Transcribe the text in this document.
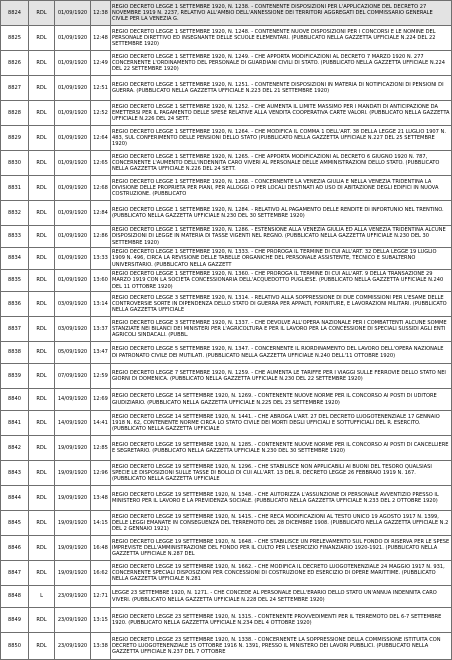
8824	RDL	01/09/1920	12:38	REGIO DECRETO LEGGE 1 SETTEMBRE 1920, N. 1238. - CONTENENTE DISPOSIZIONI PER L'APPLICAZIONE DEL DECRETO 27 NOVEMBRE 1919 N. 2237, RELATIVO ALL'AMBIO DELL'ANNESSIONE DEI TERRITORI AGGREGATI DEL COMMISSARIO GENERALE CIVILE PER LA VENEZIA G.

8825	RDL	01/09/1920	12:48	REGIO DECRETO LEGGE 1 SETTEMBRE 1920, N. 1248. - CONTENENTE NUOVE DISPOSIZIONI PER I CONCORSI E LE NOMINE DEL PERSONALE DIRETTIVO ED INSEGNANTE DELLE SCUOLE ELEMENTARI. (PUBBLICATO NELLA GAZZETTA UFFICIALE N.224 DEL 22 SETTEMBRE 1920)

8826	RDL	01/09/1920	12:49	REGIO DECRETO LEGGE 1 SETTEMBRE 1920, N. 1249. - CHE APPORTA MODIFICAZIONI AL DECRETO 7 MARZO 1920 N. 277 CONCERNENTE L'ORDINAMENTO DEL PERSONALE DI GUARDIANI CIVILI DI STATO. (PUBBLICATO NELLA GAZZETTA UFFICIALE N.224 DEL 22 SETTEMBRE 1920)

8827	RDL	01/09/1920	12:51	REGIO DECRETO LEGGE 1 SETTEMBRE 1920, N. 1251. - CONTENENTE DISPOSIZIONI IN MATERIA DI NOTIFICAZIONI DI PENSIONI DI GUERRA. (PUBBLICATO NELLA GAZZETTA UFFICIALE N.223 DEL 21 SETTEMBRE 1920)

8828	RDL	01/09/1920	12:52	REGIO DECRETO LEGGE 1 SETTEMBRE 1920, N. 1252. - CHE AUMENTA IL LIMITE MASSIMO PER I MANDATI DI ANTICIPAZIONE DA EMETTERSI PER IL PAGAMENTO DELLE SPESE RELATIVE ALLA VENDITA COOPERATIVA CARTE VALORI. (PUBBLICATO NELLA GAZZETTA UFFICIALE N.226 DEL 24 SETT.

8829	RDL	01/09/1920	12:64	REGIO DECRETO LEGGE 1 SETTEMBRE 1920, N. 1264. - CHE MODIFICA IL COMMA 1 DELL'ART. 38 DELLA LEGGE 21 LUGLIO 1907 N. 483, SUL CONFERIMENTO DELLE PENSIONI DELLO STATO (PUBBLICATO NELLA GAZZETTA UFFICIALE N.227 DEL 25 SETTEMBRE 1920)

8830	RDL	01/09/1920	12:65	REGIO DECRETO LEGGE 1 SETTEMBRE 1920, N. 1265. - CHE APPORTA MODIFICAZIONI AL DECRETO 6 GIUGNO 1920 N. 787, CONCERNENTE L'AUMENTO DELL'INDENNITA CARO VIVERI AL PERSONALE DELLE AMMINISTRAZIONI DELLO STATO. (PUBBLICATO NELLA GAZZETTA UFFICIALE N.226 DEL 24 SETT.

8831	RDL	01/09/1920	12:68	REGIO DECRETO LEGGE 1 SETTEMBRE 1920, N. 1268. - CONCERNENTE LA VENEZIA GIULIA E NELLA VENEZIA TRIDENTINA LA DIVISIONE DELLE PROPRIETA PER PIANI, PER ALLOGGI O PER LOCALI DESTINATI AD USO DI ABITAZIONE DEGLI EDIFICI IN NUOVA COSTRUZIONE. (PUBBLICATO

8832	RDL	01/09/1920	12:84	REGIO DECRETO LEGGE 1 SETTEMBRE 1920, N. 1284. - RELATIVO AL PAGAMENTO DELLE RENDITE DI INFORTUNIO NEL TRENTINO. (PUBBLICATO NELLA GAZZETTA UFFICIALE N.230 DEL 30 SETTEMBRE 1920)

8833	RDL	01/09/1920	12:86	REGIO DECRETO LEGGE 1 SETTEMBRE 1920, N. 1286. - ESTENSIONE ALLA VENEZIA GIULIA ED ALLA VENEZIA TRIDENTINA ALCUNE DISPOSIZIONI DI LEGGE IN MATERIA DI TASSE VIGENTI NEL REGNO. (PUBBLICATO NELLA GAZZETTA UFFICIALE N.230 DEL 30 SETTEMBRE 1920)

8834	RDL	01/09/1920	13:33	REGIO DECRETO LEGGE 1 SETTEMBRE 1920, N. 1333. - CHE PROROGA IL TERMINE DI CUI ALL'ART. 32 DELLA LEGGE 19 LUGLIO 1909 N. 496, CIRCA LA REVISIONE DELLE TABELLE ORGANICHE DEL PERSONALE ASSISTENTE, TECNICO E SUBALTERNO UNIVERSITARIO. (PUBBLICATO NELLA GAZZETT

8835	RDL	01/09/1920	13:60	REGIO DECRETO LEGGE 1 SETTEMBRE 1920, N. 1360. - CHE PROROGA IL TERMINE DI CUI ALL'ART. 9 DELLA TRANSAZIONE 29 MARZO 1919 CON LA SOCIETA CONCESSIONARIA DELL'ACQUEDOTTO PUGLIESE. (PUBBLICATO NELLA GAZZETTA UFFICIALE N.240 DEL 11 OTTOBRE 1920)

8836	RDL	03/09/1920	13:14	REGIO DECRETO LEGGE 3 SETTEMBRE 1920, N. 1314. - RELATIVO ALLA SOPPRESSIONE DI DUE COMMISSIONI PER L'ESAME DELLE CONTROVERSIE SORTE IN DIPENDENZA DELLO STATO DI GUERRA PER APPALTI, FORNITURE, E LAVORAZIONI MILITARI. (PUBBLICATO NELLA GAZZETTA UFFICIALE

8837	RDL	03/09/1920	13:37	REGIO DECRETO LEGGE 3 SETTEMBRE 1920, N. 1337. - CHE DEVOLVE ALL'OPERA NAZIONALE PER I COMBATTENTI ALCUNE SOMME STANZIATE NEI BILANCI DEI MINISTERI PER L'AGRICOLTURA E PER IL LAVORO PER LA CONCESSIONE DI SPECIALI SUSSIDI AGLI ENTI AGRICOLI SINDACALI. (PUBBL.

8838	RDL	05/09/1920	13:47	REGIO DECRETO LEGGE 5 SETTEMBRE 1920, N. 1347. - CONCERNENTE IL RIORDINAMENTO DEL LAVORO DELL'OPERA NAZIONALE DI PATRONATO CIVILE DEI MUTILATI. (PUBBLICATO NELLA GAZZETTA UFFICIALE N.240 DELL'11 OTTOBRE 1920)

8839	RDL	07/09/1920	12:59	REGIO DECRETO LEGGE 7 SETTEMBRE 1920, N. 1259. - CHE AUMENTA LE TARIFFE PER I VIAGGI SULLE FERROVIE DELLO STATO NEI GIORNI DI DOMENICA. (PUBBLICATO NELLA GAZZETTA UFFICIALE N.230 DEL 22 SETTEMBRE 1920)

8840	RDL	14/09/1920	12:69	REGIO DECRETO LEGGE 14 SETTEMBRE 1920, N. 1269. - CONTENENTE NUOVE NORME PER IL CONCORSO AI POSTI DI UDITORE GIUDIZIARIO. (PUBBLICATO NELLA GAZZETTA UFFICIALE N.225 DEL 23 SETTEMBRE 1920)

8841	RDL	14/09/1920	14:41	REGIO DECRETO LEGGE 14 SETTEMBRE 1920, N. 1441. - CHE ABROGA L'ART. 27 DEL DECRETO LUOGOTENENZIALE 17 GENNAIO 1918 N. 62, CONTENENTE NORME CIRCA LO STATO CIVILE DEI MORTI DEGLI UFFICIALI E SOTTUFFICIALI DEL R. ESERCITO. (PUBBLICATO NELLA GAZZETTA UFFICIALE

8842	RDL	19/09/1920	12:85	REGIO DECRETO LEGGE 19 SETTEMBRE 1920, N. 1285. - CONTENENTE NUOVE NORME PER IL CONCORSO AI POSTI DI CANCELLIERE E SEGRETARIO. (PUBBLICATO NELLA GAZZETTA UFFICIALE N.230 DEL 30 SETTEMBRE 1920)

8843	RDL	19/09/1920	12:96	REGIO DECRETO LEGGE 19 SETTEMBRE 1920, N. 1296. - CHE STABILISCE NON APPLICABILI AI BUONI DEL TESORO QUALSIASI SPECIE LE DISPOSIZIONI SULLE TASSE DI BOLLO DI CUI ALL'ART. 13 DEL R. DECRETO LEGGE 26 FEBBRAIO 1919 N. 167. (PUBBLICATO NELLA GAZZETTA UFFICIALE

8844	RDL	19/09/1920	13:48	REGIO DECRETO LEGGE 19 SETTEMBRE 1920, N. 1348. - CHE AUTORIZZA L'ASSUNZIONE DI PERSONALE AVVENTIZIO PRESSO IL MINISTERO PER IL LAVORO E LA PREVIDENZA SOCIALE. (PUBBLICATO NELLA GAZZETTA UFFICIALE N.233 DEL 2 OTTOBRE 1920)

8845	RDL	19/09/1920	14:15	REGIO DECRETO LEGGE 19 SETTEMBRE 1920, N. 1415. - CHE RECA MODIFICAZIONI AL TESTO UNICO 19 AGOSTO 1917 N. 1399, DELLE LEGGI EMANATE IN CONSEGUENZA DEL TERREMOTO DEL 28 DICEMBRE 1908. (PUBBLICATO NELLA GAZZETTA UFFICIALE N.2 DEL 2 GENNAIO 1921)

8846	RDL	19/09/1920	16:48	REGIO DECRETO LEGGE 19 SETTEMBRE 1920, N. 1648. - CHE STABILISCE UN PRELEVAMENTO SUL FONDO DI RISERVA PER LE SPESE IMPREVISTE DELL'AMMINISTRAZIONE DEL FONDO PER IL CULTO PER L'ESERCIZIO FINANZIARIO 1920-1921. (PUBBLICATO NELLA GAZZETTA UFFICIALE N.287 DEL

8847	RDL	19/09/1920	16:62	REGIO DECRETO LEGGE 19 SETTEMBRE 1920, N. 1662. - CHE MODIFICA IL DECRETO LUOGOTENENZIALE 24 MAGGIO 1917 N. 931, CONCERNENTE SPECIALI DISPOSIZIONI PER CONCESSIONI DI COSTRUZIONE ED ESERCIZIO DI OPERE MARITTIME. (PUBBLICATO NELLA GAZZETTA UFFICIALE N.281

8848	L	23/09/1920	12:71	LEGGE 23 SETTEMBRE 1920, N. 1271. - CHE CONCEDE AL PERSONALE DELL'ERARIO DELLO STATO UN'ANNUA INDENNITA CARO VIVERI. (PUBBLICATO NELLA GAZZETTA UFFICIALE N.228 DEL 24 SETTEMBRE 1920)

8849	RDL	23/09/1920	13:15	REGIO DECRETO LEGGE 23 SETTEMBRE 1920, N. 1315. - CONTENENTE PROVVEDIMENTI PER IL TERREMOTO DEL 6-7 SETTEMBRE 1920. (PUBBLICATO NELLA GAZZETTA UFFICIALE N.234 DEL 4 OTTOBRE 1920)

8850	RDL	23/09/1920	13:38	REGIO DECRETO LEGGE 23 SETTEMBRE 1920, N. 1338. - CONCERNENTE LA SOPPRESSIONE DELLA COMMISSIONE ISTITUITA CON DECRETO LUOGOTENENZIALE 15 OTTOBRE 1916 N. 1391, PRESSO IL MINISTERO DEI LAVORI PUBBLICI. (PUBBLICATO NELLA GAZZETTA UFFICIALE N.237 DEL 7 OTTOBRE
